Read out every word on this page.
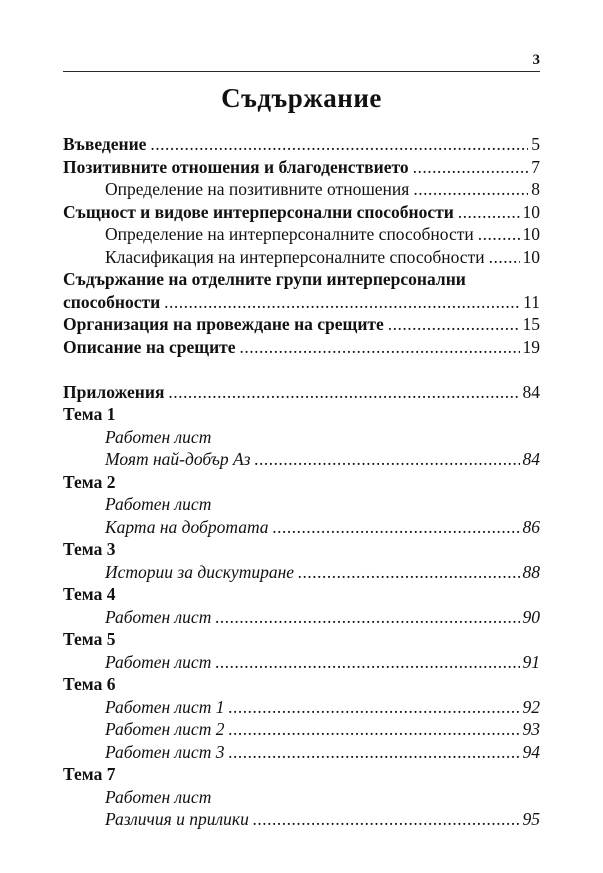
3
Съдържание
Въведение .....	5
Позитивните отношения и благоденствието .....	7
Определение на позитивните отношения .....	8
Същност и видове интерперсонални способности .....	10
Определение на интерперсоналните способности .....	10
Класификация на интерперсоналните способности ..... 10
Съдържание на отделните групи интерперсонални
способности .....	11
Организация на провеждане на срещите .....	15
Описание на срещите .....	19
Приложения .....	84
Тема 1
Работен лист
Моят най-добър Аз .....	84
Тема 2
Работен лист
Карта на добротата .....	86
Тема 3
Истории за дискутиране .....	88
Тема 4
Работен лист .....	90
Тема 5
Работен лист .....	91
Тема 6
Работен лист 1 .....	92
Работен лист 2 .....	93
Работен лист 3 .....	94
Тема 7
Работен лист
Различия и прилики .....	95
